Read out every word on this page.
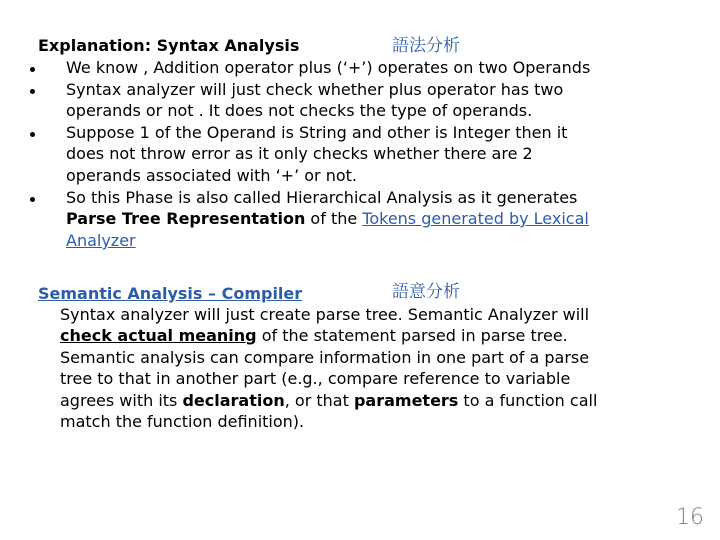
Explanation: Syntax Analysis	語法分析
We know , Addition operator plus (‘+’) operates on two Operands
Syntax analyzer will just check whether plus operator has two
operands or not . It does not checks the type of operands.
Suppose 1 of the Operand is String and other is Integer then it
does not throw error as it only checks whether there are 2
operands associated with ‘+’ or not.
So this Phase is also called Hierarchical Analysis as it generates
Parse Tree Representation of the Tokens generated by Lexical
Analyzer
Semantic Analysis – Compiler	語意分析
Syntax analyzer will just create parse tree. Semantic Analyzer will
check actual meaning of the statement parsed in parse tree.
Semantic analysis can compare information in one part of a parse
tree to that in another part (e.g., compare reference to variable
agrees with its declaration, or that parameters to a function call
match the function definition).
16
